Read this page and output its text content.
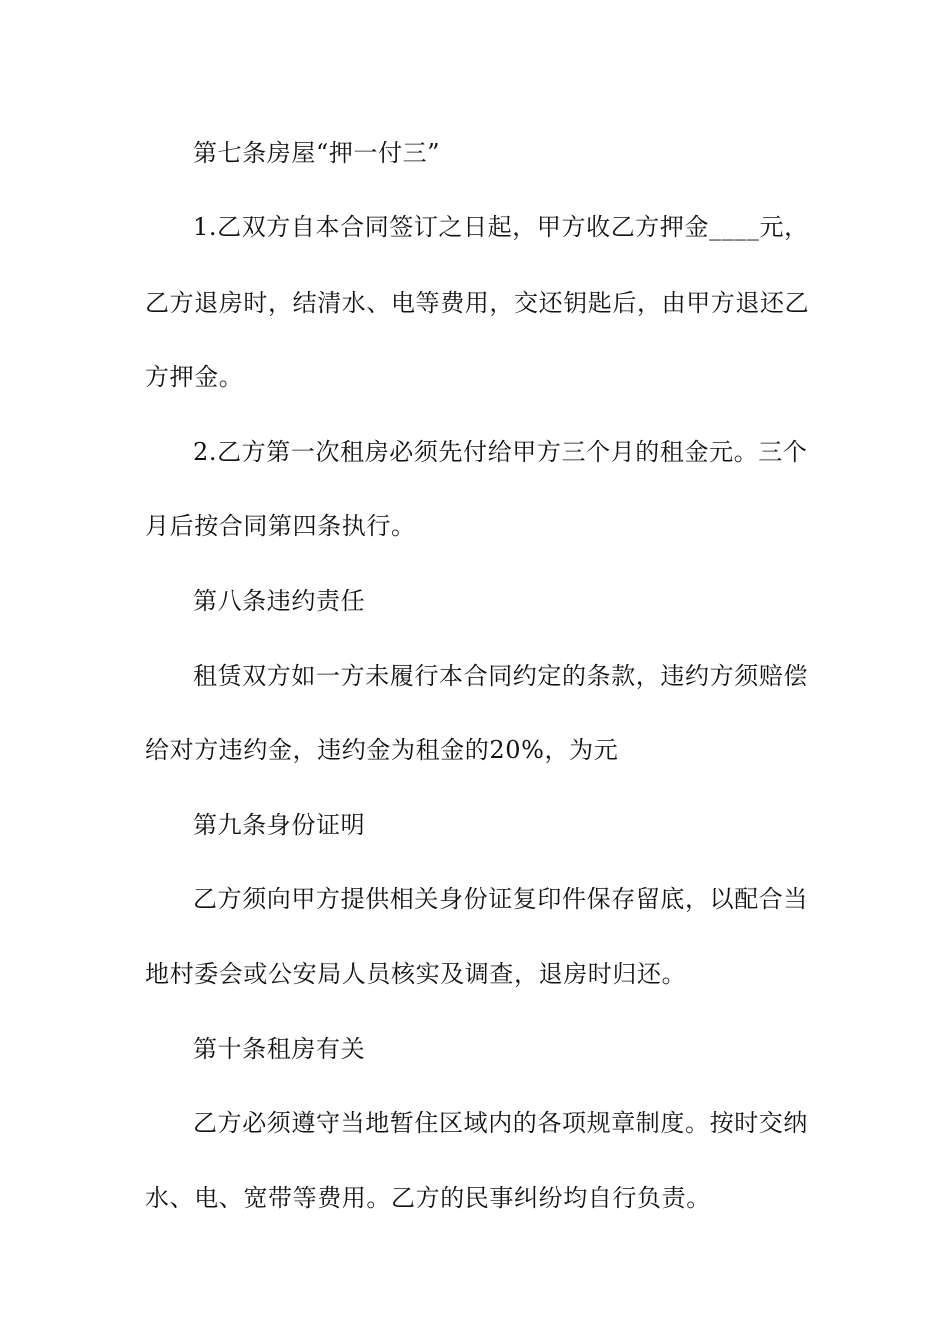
第七条房屋“押一付三”
1.乙双方自本合同签订之日起，甲方收乙方押金____元，
乙方退房时，结清水、电等费用，交还钥匙后，由甲方退还乙
方押金。
2.乙方第一次租房必须先付给甲方三个月的租金元。三个
月后按合同第四条执行。
第八条违约责任
租赁双方如一方未履行本合同约定的条款，违约方须赔偿
给对方违约金，违约金为租金的20%，为元
第九条身份证明
乙方须向甲方提供相关身份证复印件保存留底，以配合当
地村委会或公安局人员核实及调查，退房时归还。
第十条租房有关
乙方必须遵守当地暂住区域内的各项规章制度。按时交纳
水、电、宽带等费用。乙方的民事纠纷均自行负责。
